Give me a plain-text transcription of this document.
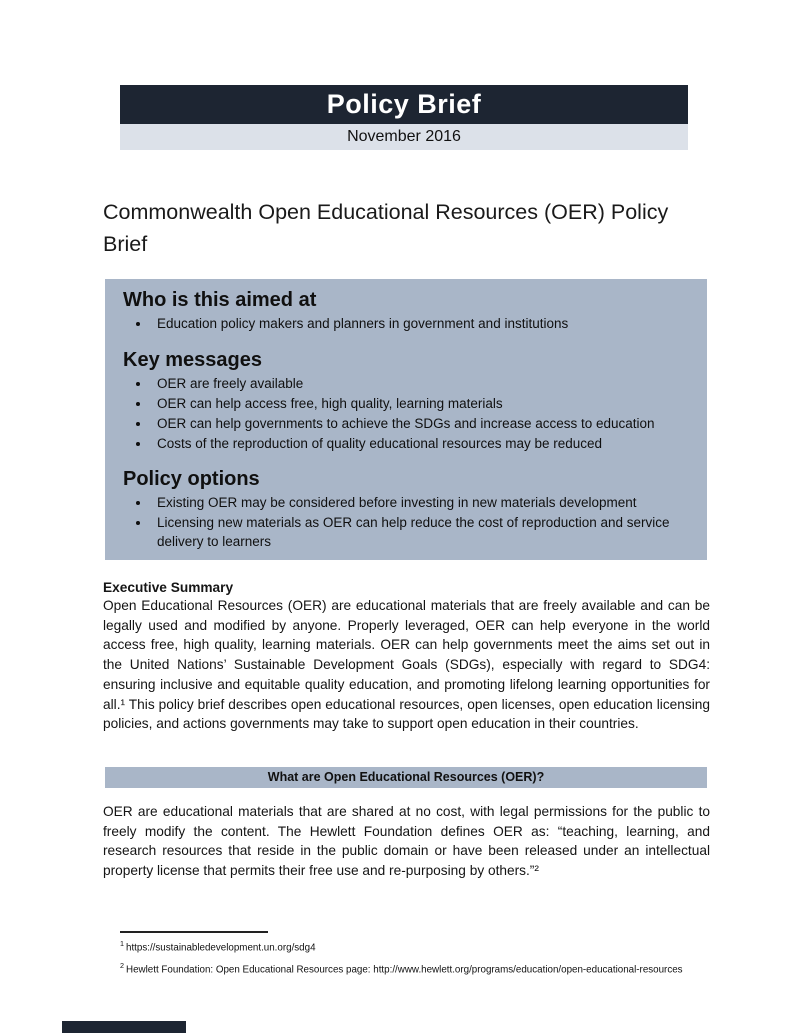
Policy Brief
November 2016
Commonwealth Open Educational Resources (OER) Policy Brief
Who is this aimed at
• Education policy makers and planners in government and institutions
Key messages
• OER are freely available
• OER can help access free, high quality, learning materials
• OER can help governments to achieve the SDGs and increase access to education
• Costs of the reproduction of quality educational resources may be reduced
Policy options
• Existing OER may be considered before investing in new materials development
• Licensing new materials as OER can help reduce the cost of reproduction and service delivery to learners
Executive Summary

Open Educational Resources (OER) are educational materials that are freely available and can be legally used and modified by anyone. Properly leveraged, OER can help everyone in the world access free, high quality, learning materials. OER can help governments meet the aims set out in the United Nations’ Sustainable Development Goals (SDGs), especially with regard to SDG4: ensuring inclusive and equitable quality education, and promoting lifelong learning opportunities for all.¹ This policy brief describes open educational resources, open licenses, open education licensing policies, and actions governments may take to support open education in their countries.

What are Open Educational Resources (OER)?

OER are educational materials that are shared at no cost, with legal permissions for the public to freely modify the content. The Hewlett Foundation defines OER as: “teaching, learning, and research resources that reside in the public domain or have been released under an intellectual property license that permits their free use and re-purposing by others.”²

$^1$ https://sustainabledevelopment.un.org/sdg4
$^2$ Hewlett Foundation: Open Educational Resources page: http://www.hewlett.org/programs/education/open-educational-resources
